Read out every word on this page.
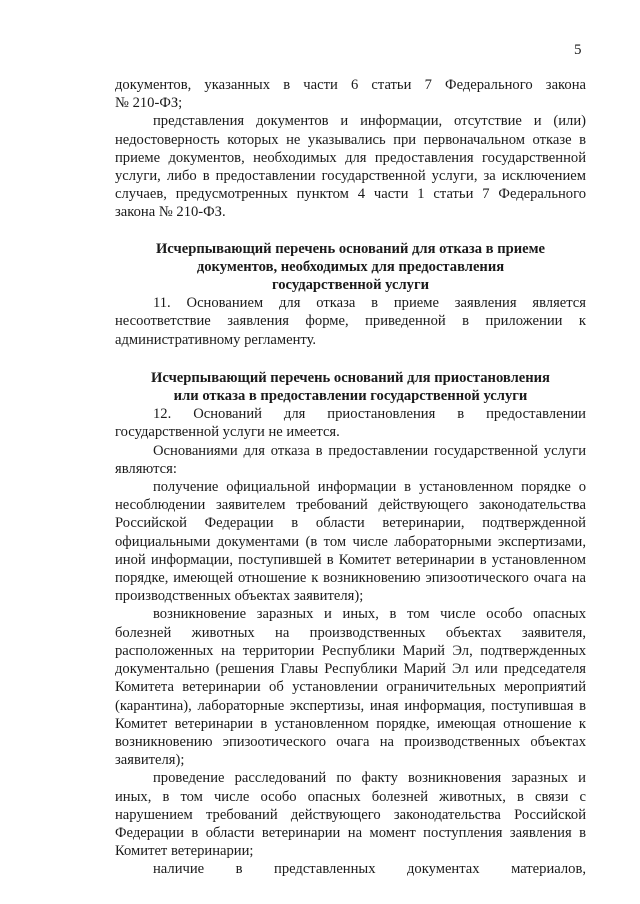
5

документов, указанных в части 6 статьи 7 Федерального закона

№ 210-ФЗ;

представления документов и информации, отсутствие и (или) недостоверность которых не указывались при первоначальном отказе в приеме документов, необходимых для предоставления государственной услуги, либо в предоставлении государственной услуги, за исключением случаев, предусмотренных пунктом 4 части 1 статьи 7 Федерального закона № 210-ФЗ.

Исчерпывающий перечень оснований для отказа в приеме
документов, необходимых для предоставления
государственной услуги

11. Основанием для отказа в приеме заявления является несоответствие заявления форме, приведенной в приложении к административному регламенту.

Исчерпывающий перечень оснований для приостановления
или отказа в предоставлении государственной услуги

12. Оснований для приостановления в предоставлении государственной услуги не имеется.

Основаниями для отказа в предоставлении государственной услуги являются:

получение официальной информации в установленном порядке о несоблюдении заявителем требований действующего законодательства Российской Федерации в области ветеринарии, подтвержденной официальными документами (в том числе лабораторными экспертизами, иной информации, поступившей в Комитет ветеринарии в установленном порядке, имеющей отношение к возникновению эпизоотического очага на производственных объектах заявителя);

возникновение заразных и иных, в том числе особо опасных болезней животных на производственных объектах заявителя, расположенных на территории Республики Марий Эл, подтвержденных документально (решения Главы Республики Марий Эл или председателя Комитета ветеринарии об установлении ограничительных мероприятий (карантина), лабораторные экспертизы, иная информация, поступившая в Комитет ветеринарии в установленном порядке, имеющая отношение к возникновению эпизоотического очага на производственных объектах заявителя);

проведение расследований по факту возникновения заразных и иных, в том числе особо опасных болезней животных, в связи с нарушением требований действующего законодательства Российской Федерации в области ветеринарии на момент поступления заявления в Комитет ветеринарии;

наличие в представленных документах материалов,
